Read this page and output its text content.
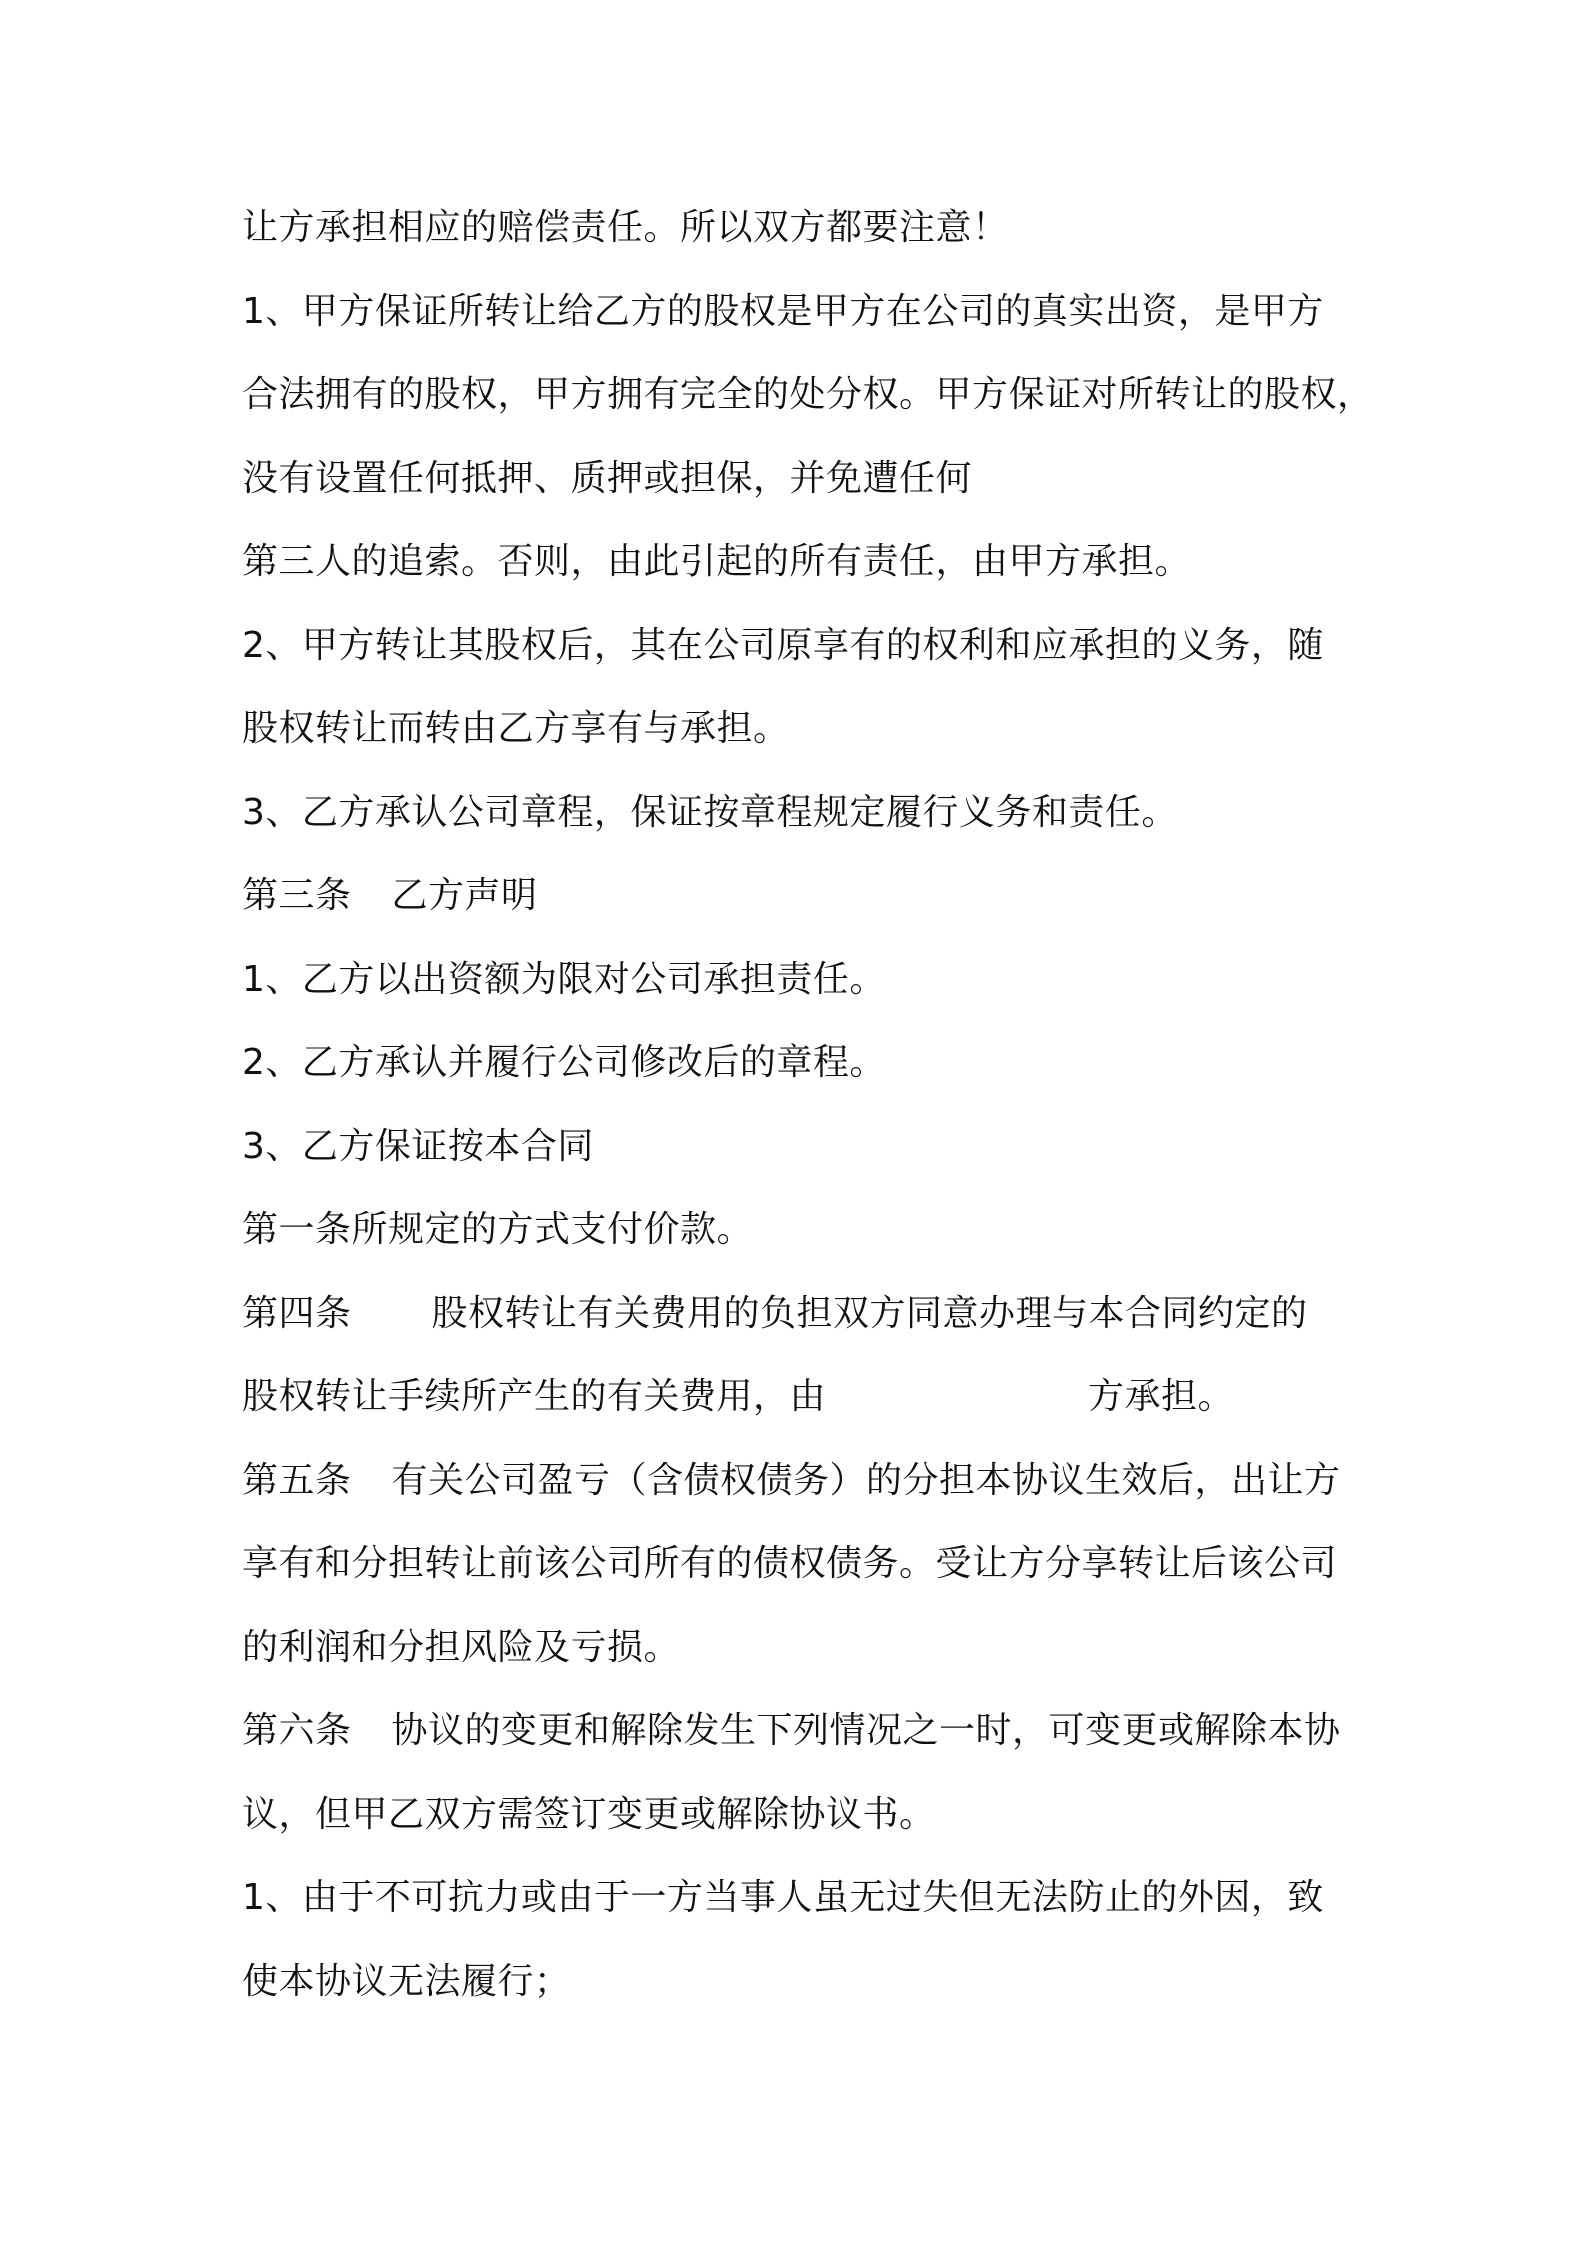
让方承担相应的赔偿责任。所以双方都要注意！
1、甲方保证所转让给乙方的股权是甲方在公司的真实出资，是甲方
合法拥有的股权，甲方拥有完全的处分权。甲方保证对所转让的股权，
没有设置任何抵押、质押或担保，并免遭任何
第三人的追索。否则，由此引起的所有责任，由甲方承担。
2、甲方转让其股权后，其在公司原享有的权利和应承担的义务，随
股权转让而转由乙方享有与承担。
3、乙方承认公司章程，保证按章程规定履行义务和责任。
第三条 乙方声明
1、乙方以出资额为限对公司承担责任。
2、乙方承认并履行公司修改后的章程。
3、乙方保证按本合同
第一条所规定的方式支付价款。
第四条 股权转让有关费用的负担双方同意办理与本合同约定的
股权转让手续所产生的有关费用，由	方承担。
第五条 有关公司盈亏（含债权债务）的分担本协议生效后，出让方
享有和分担转让前该公司所有的债权债务。受让方分享转让后该公司
的利润和分担风险及亏损。
第六条 协议的变更和解除发生下列情况之一时，可变更或解除本协
议，但甲乙双方需签订变更或解除协议书。
1、由于不可抗力或由于一方当事人虽无过失但无法防止的外因，致
使本协议无法履行；
